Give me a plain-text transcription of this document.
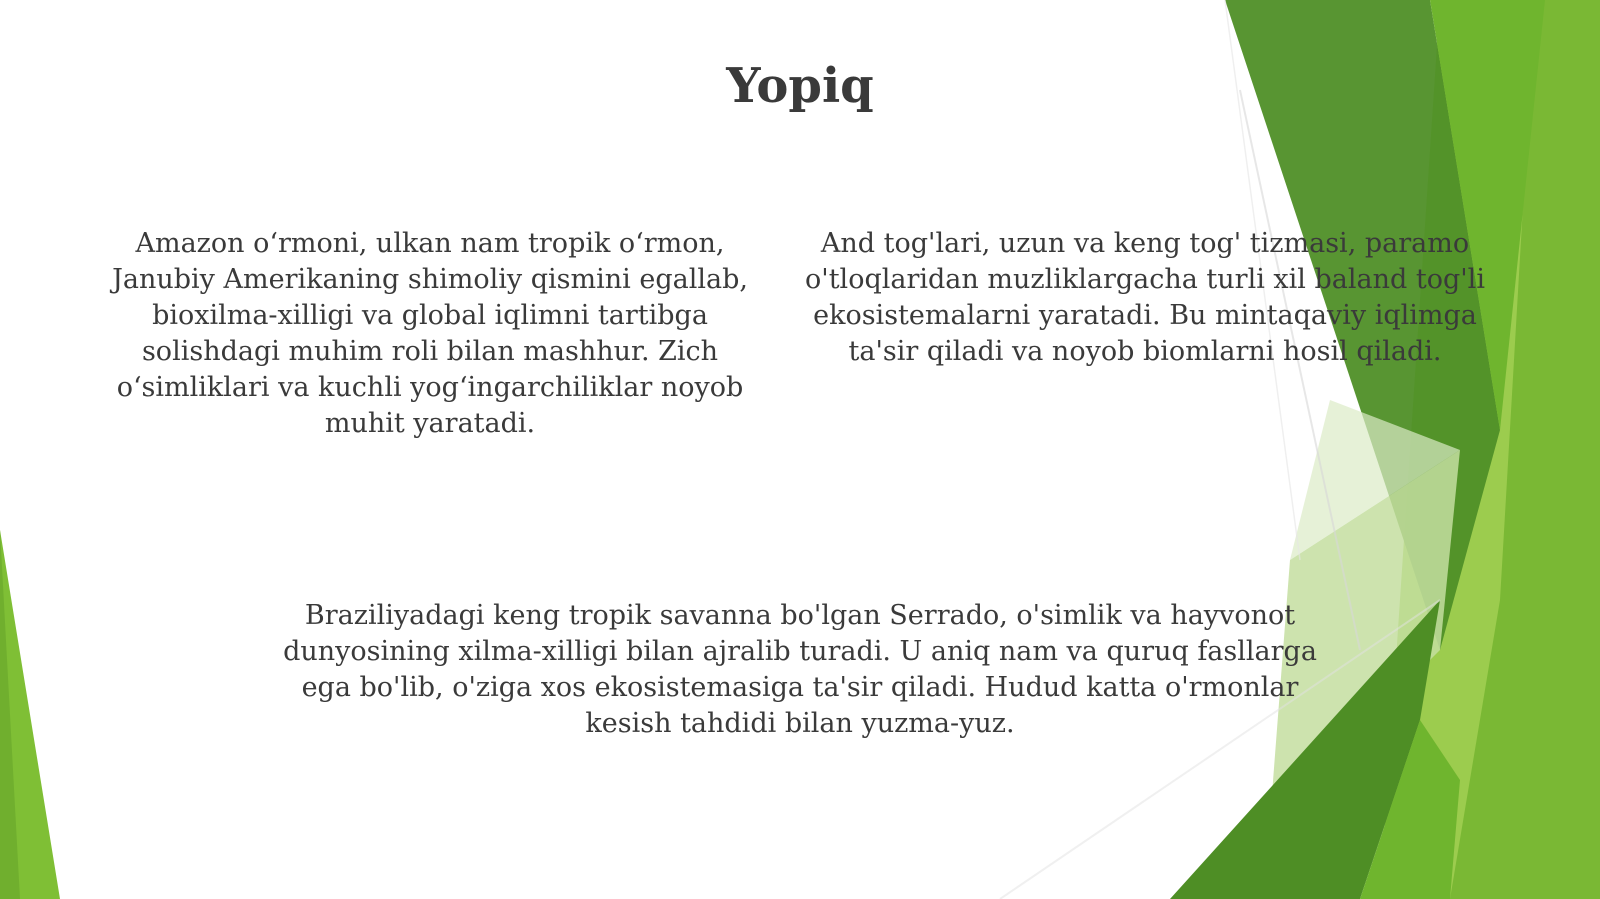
Yopiq

Amazon o‘rmoni, ulkan nam tropik o‘rmon, Janubiy Amerikaning shimoliy qismini egallab, bioxilma-xilligi va global iqlimni tartibga solishdagi muhim roli bilan mashhur. Zich o‘simliklari va kuchli yog‘ingarchiliklar noyob muhit yaratadi.

And tog'lari, uzun va keng tog' tizmasi, paramo o'tloqlaridan muzliklargacha turli xil baland tog'li ekosistemalarni yaratadi. Bu mintaqaviy iqlimga ta'sir qiladi va noyob biomlarni hosil qiladi.

Braziliyadagi keng tropik savanna bo'lgan Serrado, o'simlik va hayvonot dunyosining xilma-xilligi bilan ajralib turadi. U aniq nam va quruq fasllarga ega bo'lib, o'ziga xos ekosistemasiga ta'sir qiladi. Hudud katta o'rmonlar kesish tahdidi bilan yuzma-yuz.
